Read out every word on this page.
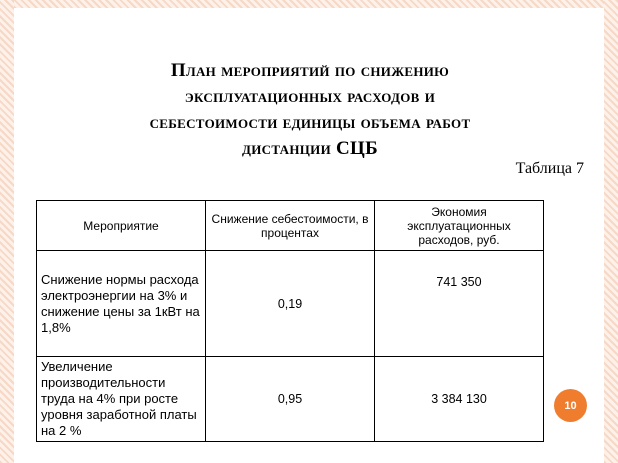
План мероприятий по снижению
эксплуатационных расходов и
себестоимости единицы объема работ
дистанции СЦБ
Таблица 7
Мероприятие	Снижение себестоимости, в процентах	Экономия эксплуатационных расходов, руб.
Снижение нормы расхода электроэнергии на 3% и снижение цены за 1кВт на 1,8%	0,19	741 350
Увеличение производительности труда на 4% при росте уровня заработной платы на 2 %	0,95	3 384 130	10
